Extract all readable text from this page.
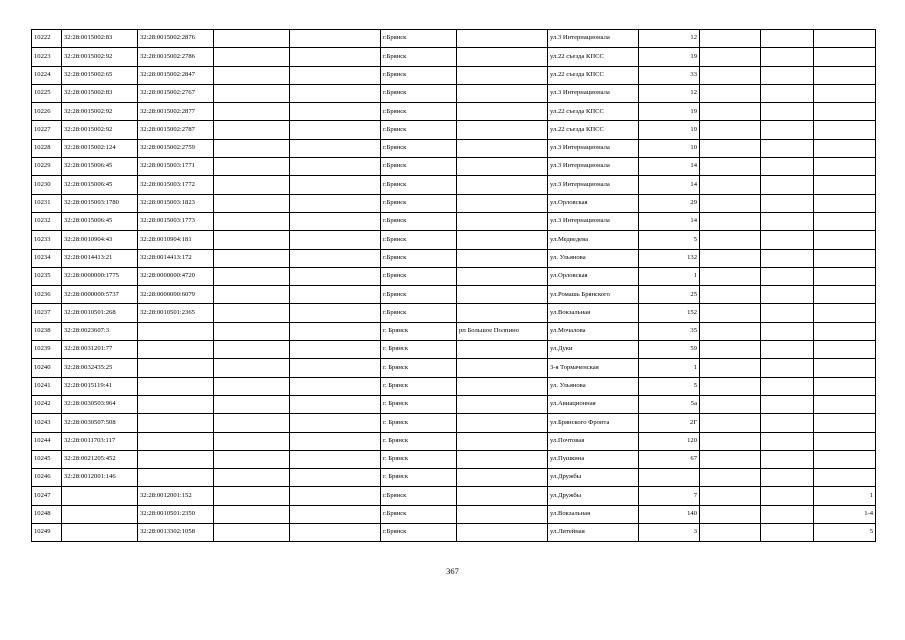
10222	32:28:0015002:83	32:28:0015002:2876			г.Брянск		ул.3 Интернационала	12			
10223	32:28:0015002:92	32:28:0015002:2786			г.Брянск		ул.22 съезда КПСС	19			
10224	32:28:0015002:65	32:28:0015002:2847			г.Брянск		ул.22 съезда КПСС	33			
10225	32:28:0015002:83	32:28:0015002:2767			г.Брянск		ул.3 Интернационала	12			
10226	32:28:0015002:92	32:28:0015002:2877			г.Брянск		ул.22 съезда КПСС	19			
10227	32:28:0015002:92	32:28:0015002:2787			г.Брянск		ул.22 съезда КПСС	19			
10228	32:28:0015002:124	32:28:0015002:2759			г.Брянск		ул.3 Интернационала	10			
10229	32:28:0015006:45	32:28:0015003:1771			г.Брянск		ул.3 Интернационала	14			
10230	32:28:0015006:45	32:28:0015003:1772			г.Брянск		ул.3 Интернационала	14			
10231	32:28:0015003:1780	32:28:0015003:1823			г.Брянск		ул.Орловская	29			
10232	32:28:0015006:45	32:28:0015003:1773			г.Брянск		ул.3 Интернационала	14			
10233	32:28:0010904:43	32:28:0010904:181			г.Брянск		ул.Медведева	5			
10234	32:28:0014413:21	32:28:0014413:172			г.Брянск		ул. Ульянова	132			
10235	32:28:0000000:1775	32:28:0000000:4720			г.Брянск		ул.Орловская	1			
10236	32:28:0000000:5737	32:28:0000000:6079			г.Брянск		ул.Ромашь Брянского	25			
10237	32:28:0010501:268	32:28:0010501:2365			г.Брянск		ул.Вокзальная	152			
10238	32:28:0023607:3				г. Брянск	рп Большое Полпино	ул.Мочалова	35			
10239	32:28:0031201:77				г. Брянск		ул.Дуки	59			
10240	32:28:0032435:25				г. Брянск		3-я Тормаченская	1			
10241	32:28:0015119:41				г. Брянск		ул. Ульянова	5			
10242	32:28:0030503:964				г. Брянск		ул.Авиационная	5а			
10243	32:28:0030507:508				г. Брянск		ул.Брянского Фронта	2Г			
10244	32:28:0011703:117				г. Брянск		ул.Почтовая	120			
10245	32:28:0021205:452				г. Брянск		ул.Пушкина	67			
10246	32:28:0012001:146				г. Брянск		ул.Дружбы				
10247		32:28:0012001:152			г.Брянск		ул.Дружбы	7			1
10248		32:28:0010501:2350			г.Брянск		ул.Вокзальная	140			1-4
10249		32:28:0013302:1058			г.Брянск		ул.Литейная	3			5
367
